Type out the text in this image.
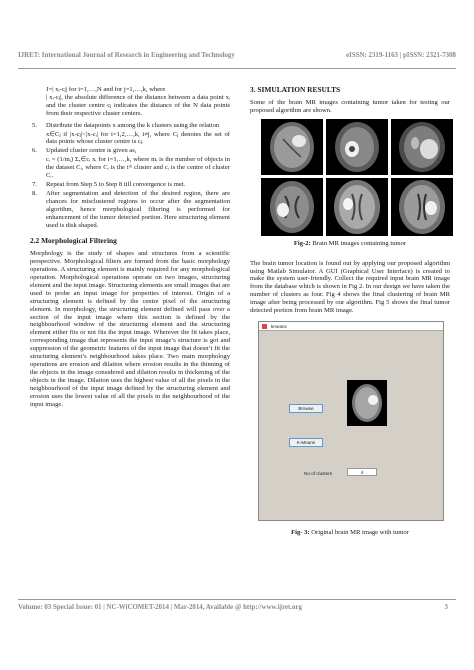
IJRET: International Journal of Research in Engineering and Technology	eISSN: 2319-1163 | pISSN: 2321-7308
J=| xᵢ-cⱼ| for i=1,…,N and for j=1,…,k, where
| xᵢ-cⱼ|, the absolute difference of the distance between a data point xᵢ and the cluster centre cⱼ indicates the distance of the N data points from their respective cluster centers.
5. Distribute the datapoints x among the k clusters using the relation
x∈Cⱼ if |x-cⱼ|<|x-cᵢ| for i=1,2,…,k, i≠j, where Cⱼ denotes the set of data points whose cluster centre is cⱼ.
6. Updated cluster centre is given as,
cᵢ = (1/mᵢ) Σₓ∈cᵢ xᵢ for i=1,…,k, where mᵢ is the number of objects in the dataset Cᵢ, where Cᵢ is the iᵗʰ cluster and cᵢ is the centre of cluster Cᵢ.
7. Repeat from Step 5 to Step 8 till convergence is met.
8. After segmentation and detection of the desired region, there are chances for misclustered regions to occur after the segmentation algorithm, hence morphological filtering is performed for enhancement of the tumor detected portion. Here structuring element used is disk shaped.
2.2 Morphological Filtering
Morphology is the study of shapes and structures from a scientific perspective. Morphological filters are formed from the basic morphology operations. A structuring element is mainly required for any morphological operation. Morphological operations operate on two images, structuring element and the input image. Structuring elements are small images that are used to probe an input image for properties of interest. Origin of a structuring element is defined by the centre pixel of the structuring element. In morphology, the structuring element defined will pass over a section of the input image where this section is defined by the neighbourhood window of the structuring element and the structuring element either fits or not fits the input image. Wherever the fit takes place, corresponding image that represents the input image’s structure is got and suppression of the geometric features of the input image that doesn’t fit the structuring element’s neighbourhood takes place. Two main morphology operations are erosion and dilation where erosion results in the thinning of the objects in the image considered and dilation results in thickening of the objects in the image. Dilation uses the highest value of all the pixels in the neighbourhood of the input image defined by the structuring element and erosion uses the lowest value of all the pixels in the neighbourhood of the input image.
3. SIMULATION RESULTS
Some of the brain MR images containing tumor taken for testing our proposed algorithm are shown.
Fig-2: Brain MR images containing tumor
The brain tumor location is found out by applying our proposed algorithm using Matlab Simulator. A GUI (Graphical User Interface) is created to make the system user-friendly. Collect the required input brain MR image from the database which is shown in Fig 2. In our design we have taken the number of clusters as four. Fig 4 shows the final clustering of brain MR image after being processed by our algorithm. Fig 5 shows the final tumor detected portion from brain MR image.
kmeans
Browse
K-Means
No of clusters	4
Fig- 3: Original brain MR image with tumor
Volume: 03 Special Issue: 01 | NC-WiCOMET-2014 | Mar-2014, Available @ http://www.ijret.org	3
